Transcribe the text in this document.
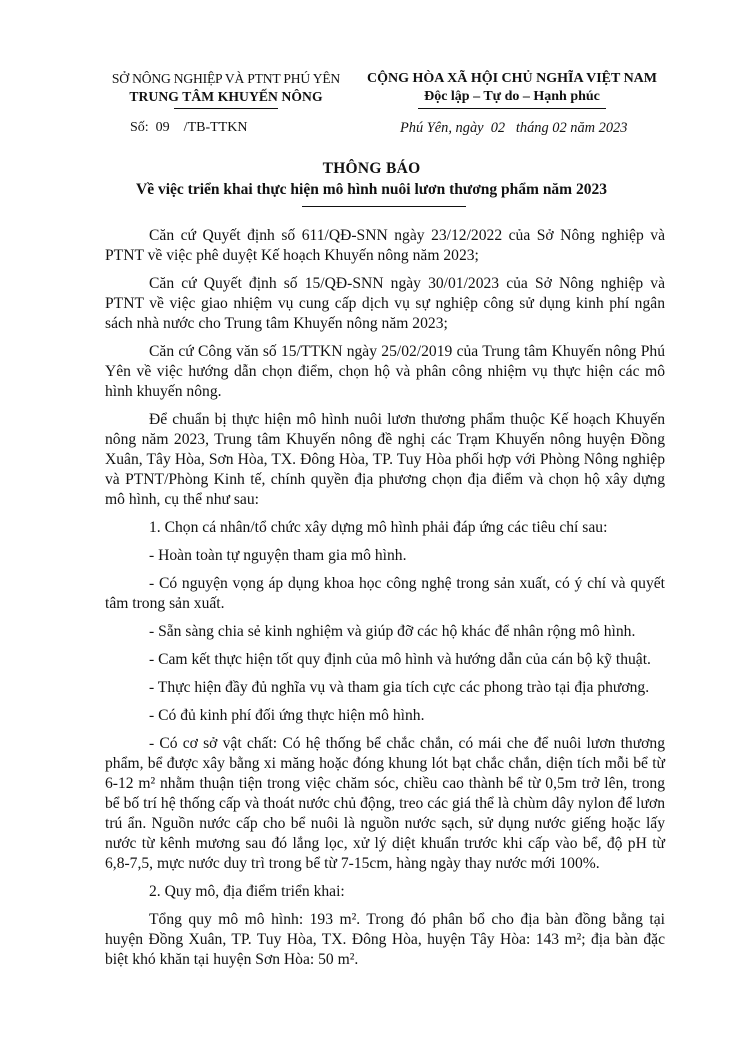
SỞ NÔNG NGHIỆP VÀ PTNT PHÚ YÊN
TRUNG TÂM KHUYẾN NÔNG
CỘNG HÒA XÃ HỘI CHỦ NGHĨA VIỆT NAM
Độc lập – Tự do – Hạnh phúc
Số:  09    /TB-TTKN	Phú Yên, ngày  02   tháng 02 năm 2023
THÔNG BÁO
Về việc triển khai thực hiện mô hình nuôi lươn thương phẩm năm 2023

Căn cứ Quyết định số 611/QĐ-SNN ngày 23/12/2022 của Sở Nông nghiệp và PTNT về việc phê duyệt Kế hoạch Khuyến nông năm 2023;

Căn cứ Quyết định số 15/QĐ-SNN ngày 30/01/2023 của Sở Nông nghiệp và PTNT về việc giao nhiệm vụ cung cấp dịch vụ sự nghiệp công sử dụng kinh phí ngân sách nhà nước cho Trung tâm Khuyến nông năm 2023;

Căn cứ Công văn số 15/TTKN ngày 25/02/2019 của Trung tâm Khuyến nông Phú Yên về việc hướng dẫn chọn điểm, chọn hộ và phân công nhiệm vụ thực hiện các mô hình khuyến nông.

Để chuẩn bị thực hiện mô hình nuôi lươn thương phẩm thuộc Kế hoạch Khuyến nông năm 2023, Trung tâm Khuyến nông đề nghị các Trạm Khuyến nông huyện Đồng Xuân, Tây Hòa, Sơn Hòa, TX. Đông Hòa, TP. Tuy Hòa phối hợp với Phòng Nông nghiệp và PTNT/Phòng Kinh tế, chính quyền địa phương chọn địa điểm và chọn hộ xây dựng mô hình, cụ thể như sau:

1. Chọn cá nhân/tổ chức xây dựng mô hình phải đáp ứng các tiêu chí sau:

- Hoàn toàn tự nguyện tham gia mô hình.

- Có nguyện vọng áp dụng khoa học công nghệ trong sản xuất, có ý chí và quyết tâm trong sản xuất.

- Sẵn sàng chia sẻ kinh nghiệm và giúp đỡ các hộ khác để nhân rộng mô hình.

- Cam kết thực hiện tốt quy định của mô hình và hướng dẫn của cán bộ kỹ thuật.

- Thực hiện đầy đủ nghĩa vụ và tham gia tích cực các phong trào tại địa phương.

- Có đủ kinh phí đối ứng thực hiện mô hình.

- Có cơ sở vật chất: Có hệ thống bể chắc chắn, có mái che để nuôi lươn thương phẩm, bể được xây bằng xi măng hoặc đóng khung lót bạt chắc chắn, diện tích mỗi bể từ 6-12 m² nhằm thuận tiện trong việc chăm sóc, chiều cao thành bể từ 0,5m trở lên, trong bể bố trí hệ thống cấp và thoát nước chủ động, treo các giá thể là chùm dây nylon để lươn trú ẩn. Nguồn nước cấp cho bể nuôi là nguồn nước sạch, sử dụng nước giếng hoặc lấy nước từ kênh mương sau đó lắng lọc, xử lý diệt khuẩn trước khi cấp vào bể, độ pH từ 6,8-7,5, mực nước duy trì trong bể từ 7-15cm, hàng ngày thay nước mới 100%.

2. Quy mô, địa điểm triển khai:

Tổng quy mô mô hình: 193 m². Trong đó phân bổ cho địa bàn đồng bằng tại huyện Đồng Xuân, TP. Tuy Hòa, TX. Đông Hòa, huyện Tây Hòa: 143 m²; địa bàn đặc biệt khó khăn tại huyện Sơn Hòa: 50 m².
